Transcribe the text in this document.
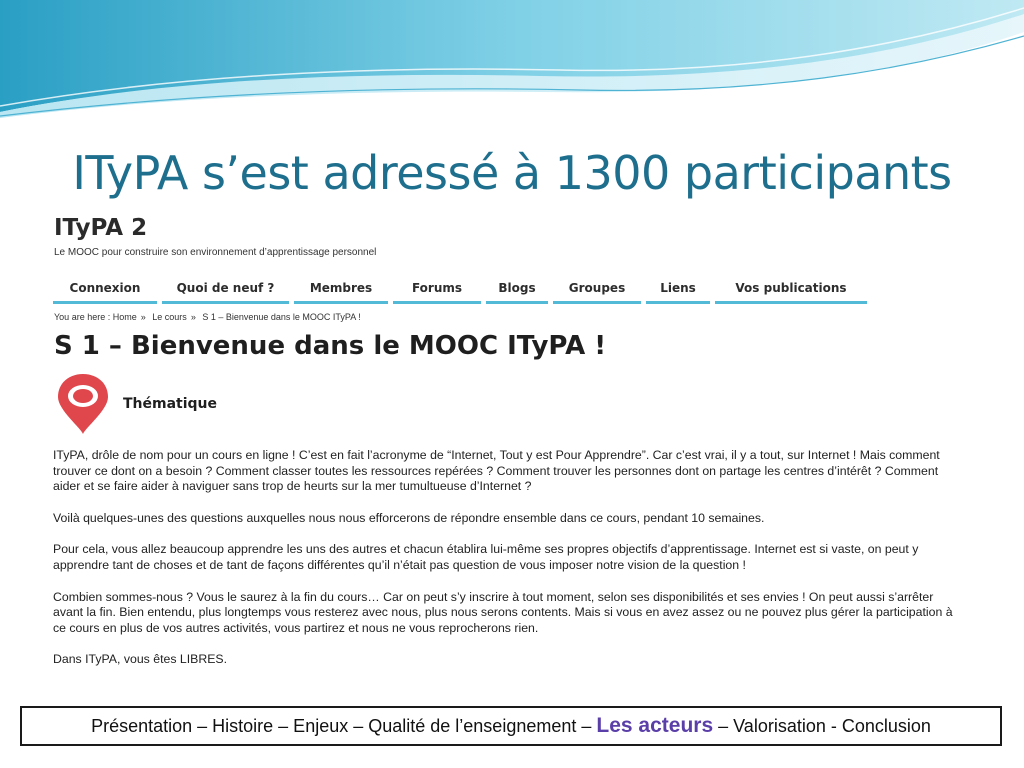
ITyPA s’est adressé à 1300 participants
ITyPA 2
Le MOOC pour construire son environnement d’apprentissage personnel
Connexion	Quoi de neuf ?	Membres	Forums	Blogs	Groupes	Liens	Vos publications
You are here : Home » Le cours » S 1 – Bienvenue dans le MOOC ITyPA !
S 1 – Bienvenue dans le MOOC ITyPA !
Thématique

ITyPA, drôle de nom pour un cours en ligne ! C’est en fait l’acronyme de “Internet, Tout y est Pour Apprendre”. Car c’est vrai, il y a tout, sur Internet ! Mais comment trouver ce dont on a besoin ? Comment classer toutes les ressources repérées ? Comment trouver les personnes dont on partage les centres d’intérêt ? Comment aider et se faire aider à naviguer sans trop de heurts sur la mer tumultueuse d’Internet ?

Voilà quelques-unes des questions auxquelles nous nous efforcerons de répondre ensemble dans ce cours, pendant 10 semaines.

Pour cela, vous allez beaucoup apprendre les uns des autres et chacun établira lui-même ses propres objectifs d’apprentissage. Internet est si vaste, on peut y apprendre tant de choses et de tant de façons différentes qu’il n’était pas question de vous imposer notre vision de la question !

Combien sommes-nous ? Vous le saurez à la fin du cours… Car on peut s’y inscrire à tout moment, selon ses disponibilités et ses envies ! On peut aussi s’arrêter avant la fin. Bien entendu, plus longtemps vous resterez avec nous, plus nous serons contents. Mais si vous en avez assez ou ne pouvez plus gérer la participation à ce cours en plus de vos autres activités, vous partirez et nous ne vous reprocherons rien.

Dans ITyPA, vous êtes LIBRES.

Présentation – Histoire – Enjeux – Qualité de l’enseignement – Les acteurs – Valorisation - Conclusion
